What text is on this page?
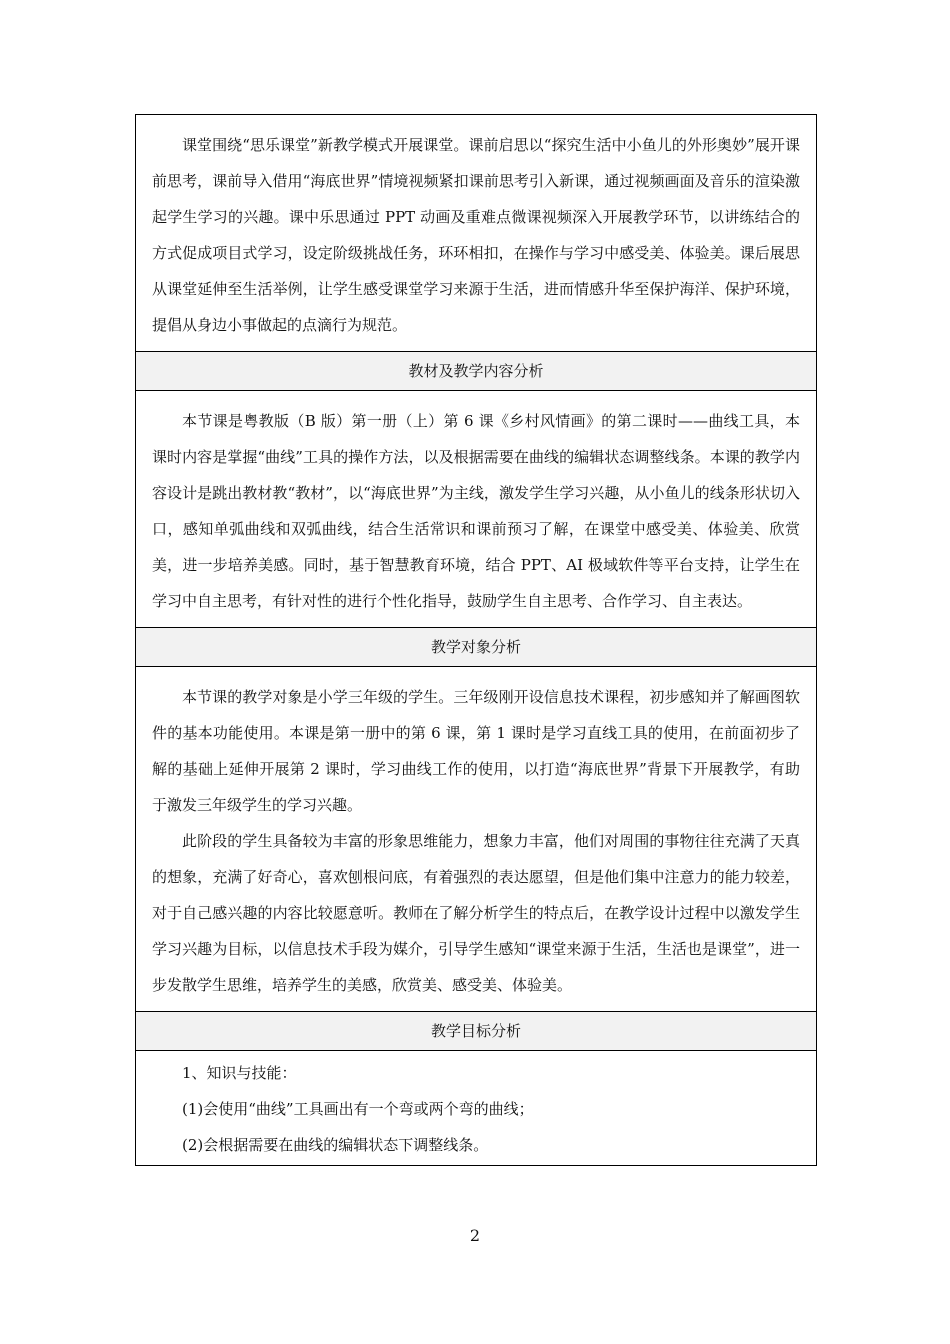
课堂围绕“思乐课堂”新教学模式开展课堂。课前启思以“探究生活中小鱼儿的外形奥妙”展开课前思考，课前导入借用“海底世界”情境视频紧扣课前思考引入新课，通过视频画面及音乐的渲染激起学生学习的兴趣。课中乐思通过 PPT 动画及重难点微课视频深入开展教学环节，以讲练结合的方式促成项目式学习，设定阶级挑战任务，环环相扣，在操作与学习中感受美、体验美。课后展思从课堂延伸至生活举例，让学生感受课堂学习来源于生活，进而情感升华至保护海洋、保护环境，提倡从身边小事做起的点滴行为规范。

教材及教学内容分析

本节课是粤教版（B 版）第一册（上）第 6 课《乡村风情画》的第二课时——曲线工具，本课时内容是掌握“曲线”工具的操作方法，以及根据需要在曲线的编辑状态调整线条。本课的教学内容设计是跳出教材教“教材”，以“海底世界”为主线，激发学生学习兴趣，从小鱼儿的线条形状切入口，感知单弧曲线和双弧曲线，结合生活常识和课前预习了解，在课堂中感受美、体验美、欣赏美，进一步培养美感。同时，基于智慧教育环境，结合 PPT、AI 极域软件等平台支持，让学生在学习中自主思考，有针对性的进行个性化指导，鼓励学生自主思考、合作学习、自主表达。

教学对象分析

本节课的教学对象是小学三年级的学生。三年级刚开设信息技术课程，初步感知并了解画图软件的基本功能使用。本课是第一册中的第 6 课，第 1 课时是学习直线工具的使用，在前面初步了解的基础上延伸开展第 2 课时，学习曲线工作的使用，以打造“海底世界”背景下开展教学，有助于激发三年级学生的学习兴趣。

此阶段的学生具备较为丰富的形象思维能力，想象力丰富，他们对周围的事物往往充满了天真的想象，充满了好奇心，喜欢刨根问底，有着强烈的表达愿望，但是他们集中注意力的能力较差，对于自己感兴趣的内容比较愿意听。教师在了解分析学生的特点后，在教学设计过程中以激发学生学习兴趣为目标，以信息技术手段为媒介，引导学生感知“课堂来源于生活，生活也是课堂”，进一步发散学生思维，培养学生的美感，欣赏美、感受美、体验美。

教学目标分析

1、知识与技能：

(1)会使用“曲线”工具画出有一个弯或两个弯的曲线；

(2)会根据需要在曲线的编辑状态下调整线条。

2
